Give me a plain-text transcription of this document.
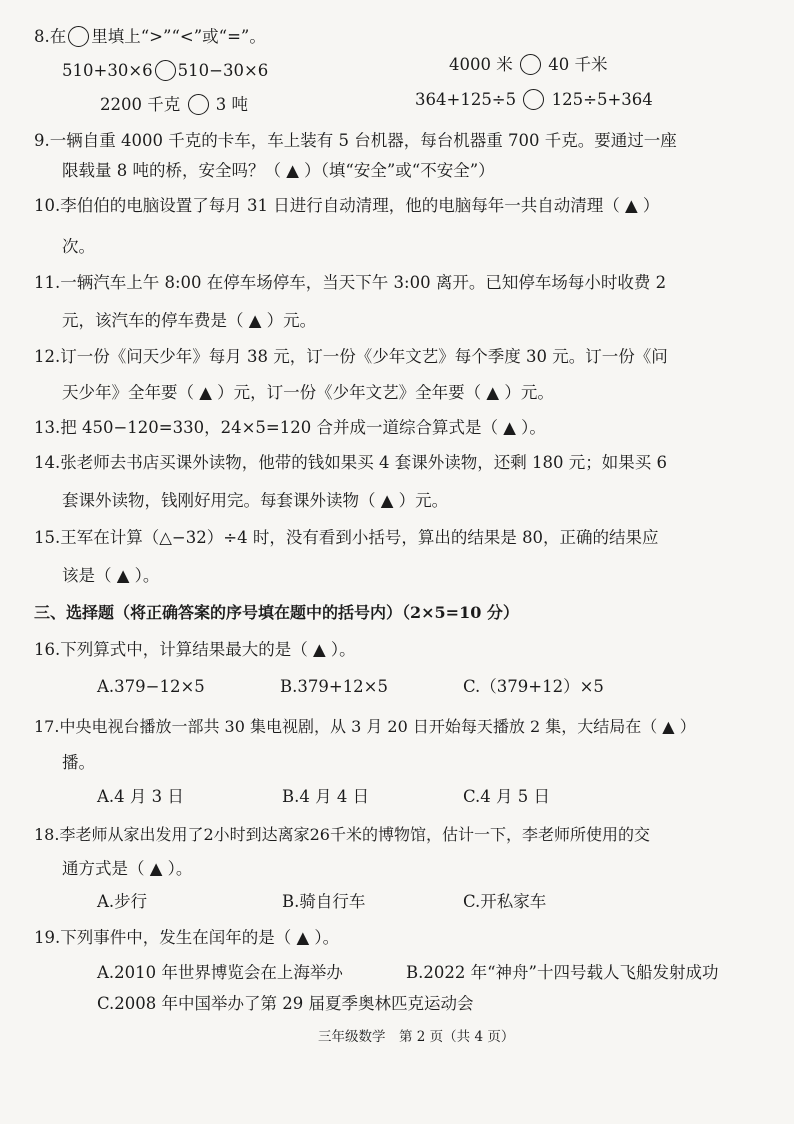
8.在 里填上“>”“<”或“=”。
510+30×6 510−30×6	4000 米 40 千米
2200 千克 3 吨	364+125÷5 125÷5+364
9.一辆自重 4000 千克的卡车，车上装有 5 台机器，每台机器重 700 千克。要通过一座
限载量 8 吨的桥，安全吗？（ ▲ ）（填“安全”或“不安全”）
10.李伯伯的电脑设置了每月 31 日进行自动清理，他的电脑每年一共自动清理（ ▲ ）
次。
11.一辆汽车上午 8:00 在停车场停车，当天下午 3:00 离开。已知停车场每小时收费 2
元，该汽车的停车费是（ ▲ ）元。
12.订一份《问天少年》每月 38 元，订一份《少年文艺》每个季度 30 元。订一份《问
天少年》全年要（ ▲ ）元，订一份《少年文艺》全年要（ ▲ ）元。
13.把 450−120=330，24×5=120 合并成一道综合算式是（ ▲ ）。
14.张老师去书店买课外读物，他带的钱如果买 4 套课外读物，还剩 180 元；如果买 6
套课外读物，钱刚好用完。每套课外读物（ ▲ ）元。
15.王军在计算（△−32）÷4 时，没有看到小括号，算出的结果是 80，正确的结果应
该是（ ▲ ）。
三、选择题（将正确答案的序号填在题中的括号内）（2×5=10 分）
16.下列算式中，计算结果最大的是（ ▲ ）。
A.379−12×5	B.379+12×5	C.（379+12）×5
17.中央电视台播放一部共 30 集电视剧，从 3 月 20 日开始每天播放 2 集，大结局在（ ▲ ）
播。
A.4 月 3 日	B.4 月 4 日	C.4 月 5 日
18.李老师从家出发用了2小时到达离家26千米的博物馆，估计一下，李老师所使用的交
通方式是（ ▲ ）。
A.步行	B.骑自行车	C.开私家车
19.下列事件中，发生在闰年的是（ ▲ ）。
A.2010 年世界博览会在上海举办	B.2022 年“神舟”十四号载人飞船发射成功
C.2008 年中国举办了第 29 届夏季奥林匹克运动会
三年级数学　第 2 页（共 4 页）
